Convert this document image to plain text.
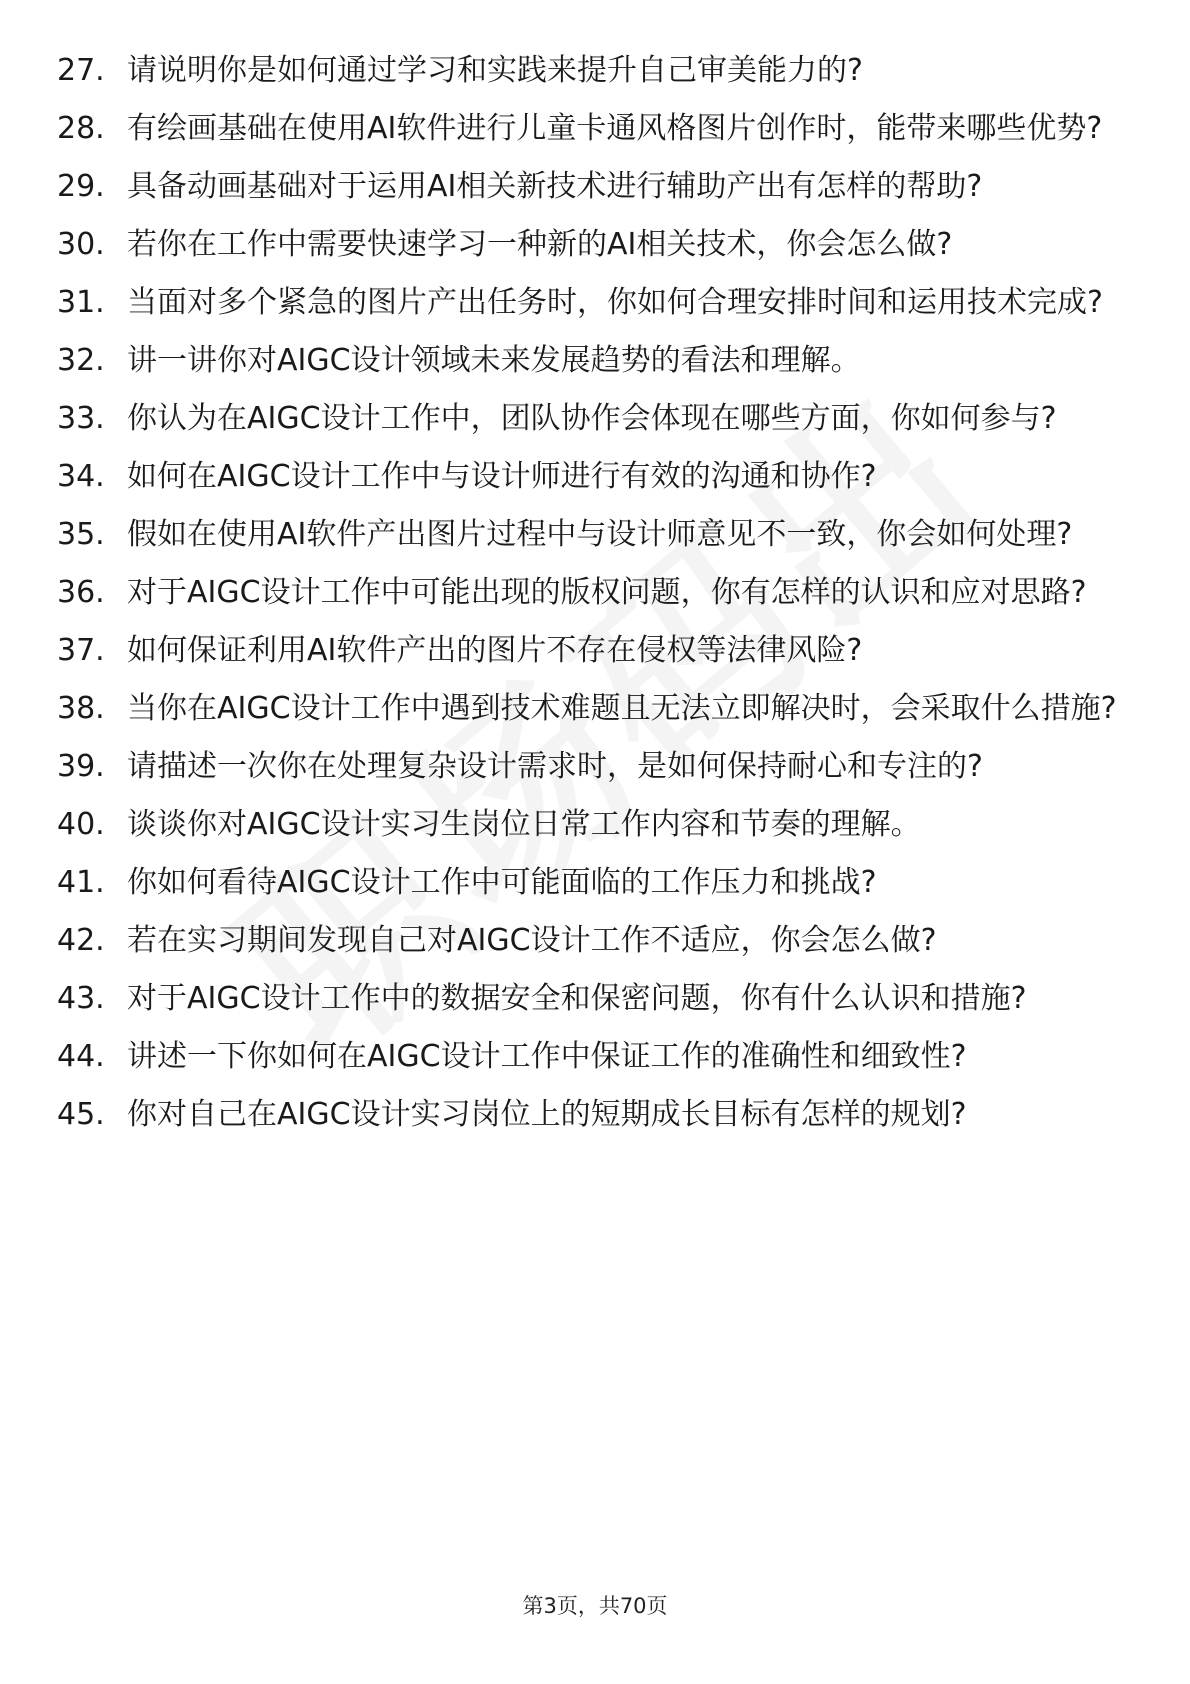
27. 请说明你是如何通过学习和实践来提升自己审美能力的?
28. 有绘画基础在使用AI软件进行儿童卡通风格图片创作时，能带来哪些优势?
29. 具备动画基础对于运用AI相关新技术进行辅助产出有怎样的帮助?
30. 若你在工作中需要快速学习一种新的AI相关技术，你会怎么做?
31. 当面对多个紧急的图片产出任务时，你如何合理安排时间和运用技术完成?
32. 讲一讲你对AIGC设计领域未来发展趋势的看法和理解。
33. 你认为在AIGC设计工作中，团队协作会体现在哪些方面，你如何参与?
34. 如何在AIGC设计工作中与设计师进行有效的沟通和协作?
35. 假如在使用AI软件产出图片过程中与设计师意见不一致，你会如何处理?
36. 对于AIGC设计工作中可能出现的版权问题，你有怎样的认识和应对思路?
37. 如何保证利用AI软件产出的图片不存在侵权等法律风险?
38. 当你在AIGC设计工作中遇到技术难题且无法立即解决时，会采取什么措施?
39. 请描述一次你在处理复杂设计需求时，是如何保持耐心和专注的?
40. 谈谈你对AIGC设计实习生岗位日常工作内容和节奏的理解。
41. 你如何看待AIGC设计工作中可能面临的工作压力和挑战?
42. 若在实习期间发现自己对AIGC设计工作不适应，你会怎么做?
43. 对于AIGC设计工作中的数据安全和保密问题，你有什么认识和措施?
44. 讲述一下你如何在AIGC设计工作中保证工作的准确性和细致性?
45. 你对自己在AIGC设计实习岗位上的短期成长目标有怎样的规划?
第3页，共70页
